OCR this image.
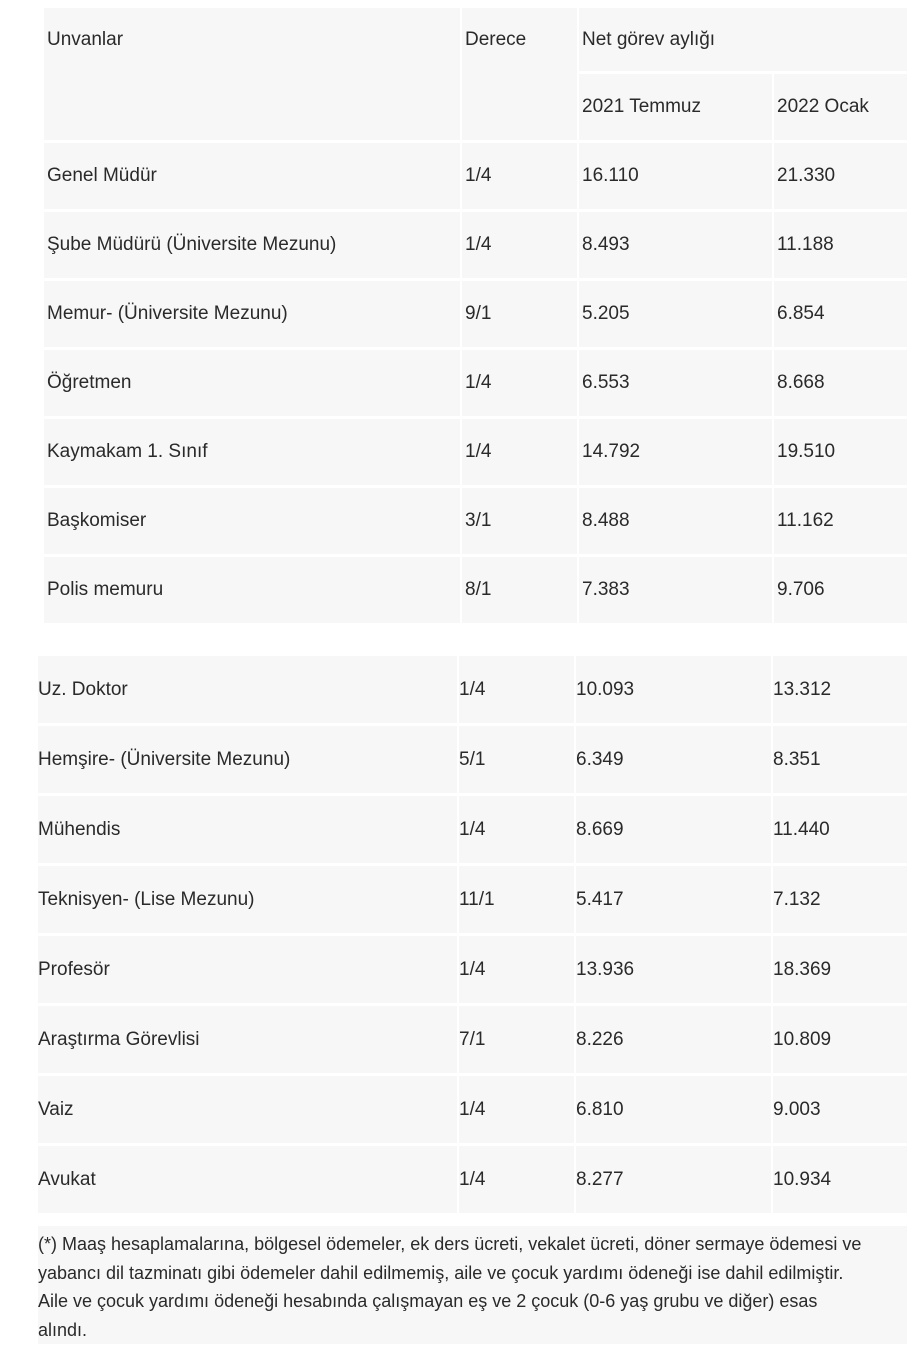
Unvanlar	Derece	Net görev aylığı	
		2021 Temmuz	2022 Ocak
Genel Müdür	1/4	16.110	21.330
Şube Müdürü (Üniversite Mezunu)	1/4	8.493	11.188
Memur- (Üniversite Mezunu)	9/1	5.205	6.854
Öğretmen	1/4	6.553	8.668
Kaymakam 1. Sınıf	1/4	14.792	19.510
Başkomiser	3/1	8.488	11.162
Polis memuru	8/1	7.383	9.706
Uz. Doktor	1/4	10.093	13.312
Hemşire- (Üniversite Mezunu)	5/1	6.349	8.351
Mühendis	1/4	8.669	11.440
Teknisyen- (Lise Mezunu)	11/1	5.417	7.132
Profesör	1/4	13.936	18.369
Araştırma Görevlisi	7/1	8.226	10.809
Vaiz	1/4	6.810	9.003
Avukat	1/4	8.277	10.934
(*) Maaş hesaplamalarına, bölgesel ödemeler, ek ders ücreti, vekalet ücreti, döner sermaye ödemesi ve
yabancı dil tazminatı gibi ödemeler dahil edilmemiş, aile ve çocuk yardımı ödeneği ise dahil edilmiştir.
Aile ve çocuk yardımı ödeneği hesabında çalışmayan eş ve 2 çocuk (0-6 yaş grubu ve diğer) esas
alındı.
